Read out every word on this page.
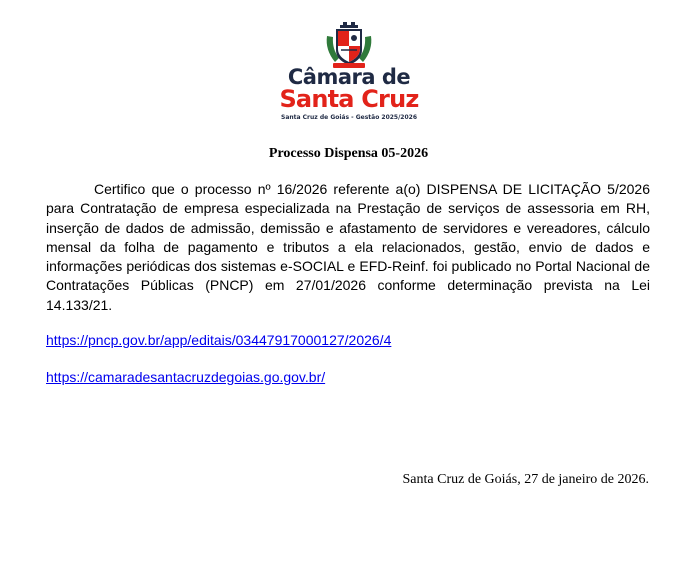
Câmara de
Santa Cruz
Santa Cruz de Goiás - Gestão 2025/2026
Processo Dispensa 05-2026

Certifico que o processo nº 16/2026 referente a(o) DISPENSA DE LICITAÇÃO 5/2026 para Contratação de empresa especializada na Prestação de serviços de assessoria em RH, inserção de dados de admissão, demissão e afastamento de servidores e vereadores, cálculo mensal da folha de pagamento e tributos a ela relacionados, gestão, envio de dados e informações periódicas dos sistemas e-SOCIAL e EFD-Reinf. foi publicado no Portal Nacional de Contratações Públicas (PNCP) em 27/01/2026 conforme determinação prevista na Lei 14.133/21.

https://pncp.gov.br/app/editais/03447917000127/2026/4
https://camaradesantacruzdegoias.go.gov.br/
Santa Cruz de Goiás, 27 de janeiro de 2026.
